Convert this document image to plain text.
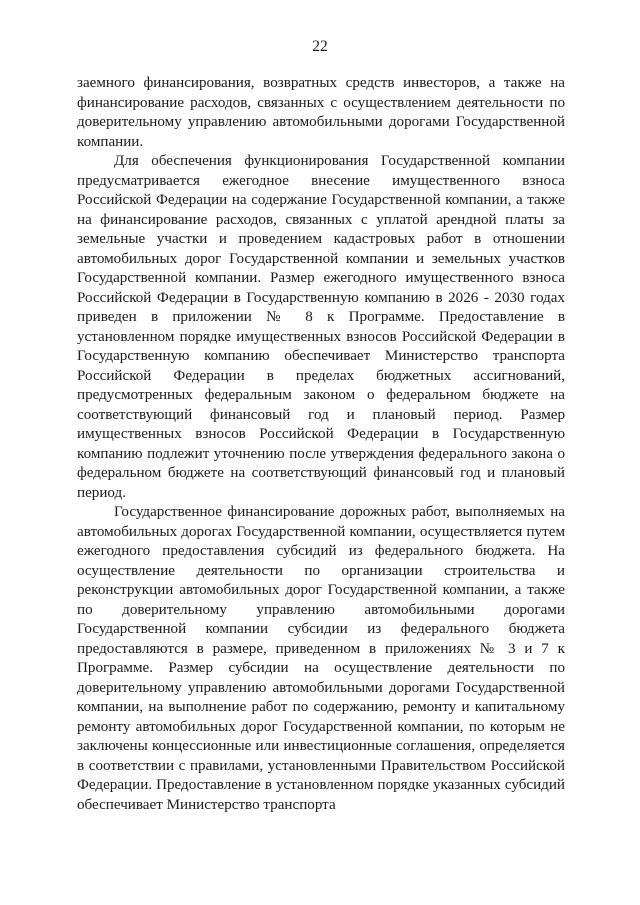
22

заемного финансирования, возвратных средств инвесторов, а также на финансирование расходов, связанных с осуществлением деятельности по доверительному управлению автомобильными дорогами Государственной компании.

Для обеспечения функционирования Государственной компании предусматривается ежегодное внесение имущественного взноса Российской Федерации на содержание Государственной компании, а также на финансирование расходов, связанных с уплатой арендной платы за земельные участки и проведением кадастровых работ в отношении автомобильных дорог Государственной компании и земельных участков Государственной компании. Размер ежегодного имущественного взноса Российской Федерации в Государственную компанию в 2026 - 2030 годах приведен в приложении № 8 к Программе. Предоставление в установленном порядке имущественных взносов Российской Федерации в Государственную компанию обеспечивает Министерство транспорта Российской Федерации в пределах бюджетных ассигнований, предусмотренных федеральным законом о федеральном бюджете на соответствующий финансовый год и плановый период. Размер имущественных взносов Российской Федерации в Государственную компанию подлежит уточнению после утверждения федерального закона о федеральном бюджете на соответствующий финансовый год и плановый период.

Государственное финансирование дорожных работ, выполняемых на автомобильных дорогах Государственной компании, осуществляется путем ежегодного предоставления субсидий из федерального бюджета. На осуществление деятельности по организации строительства и реконструкции автомобильных дорог Государственной компании, а также по доверительному управлению автомобильными дорогами Государственной компании субсидии из федерального бюджета предоставляются в размере, приведенном в приложениях № 3 и 7 к Программе. Размер субсидии на осуществление деятельности по доверительному управлению автомобильными дорогами Государственной компании, на выполнение работ по содержанию, ремонту и капитальному ремонту автомобильных дорог Государственной компании, по которым не заключены концессионные или инвестиционные соглашения, определяется в соответствии с правилами, установленными Правительством Российской Федерации. Предоставление в установленном порядке указанных субсидий обеспечивает Министерство транспорта
